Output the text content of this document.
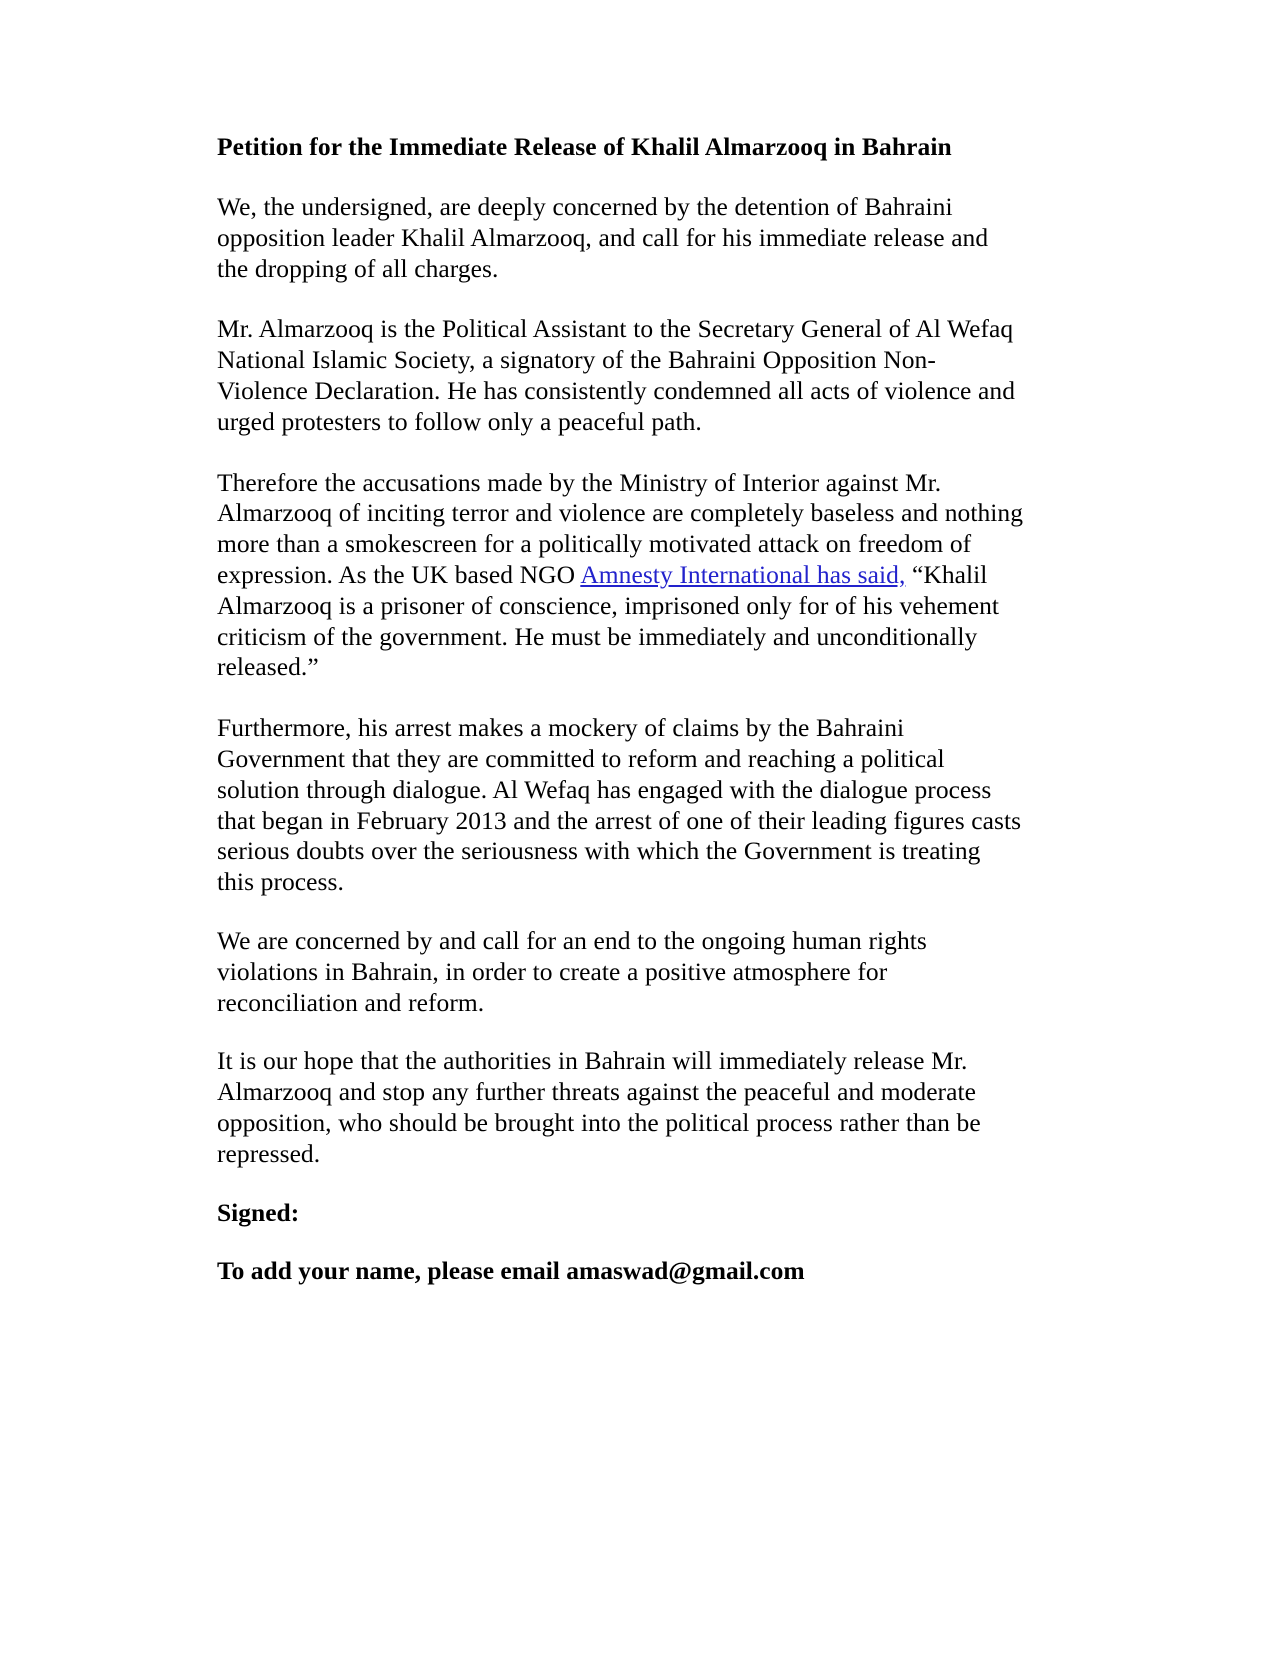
Petition for the Immediate Release of Khalil Almarzooq in Bahrain

We, the undersigned, are deeply concerned by the detention of Bahraini opposition leader Khalil Almarzooq, and call for his immediate release and the dropping of all charges.

Mr. Almarzooq is the Political Assistant to the Secretary General of Al Wefaq National Islamic Society, a signatory of the Bahraini Opposition Non-Violence Declaration. He has consistently condemned all acts of violence and urged protesters to follow only a peaceful path.

Therefore the accusations made by the Ministry of Interior against Mr. Almarzooq of inciting terror and violence are completely baseless and nothing more than a smokescreen for a politically motivated attack on freedom of expression. As the UK based NGO Amnesty International has said, “Khalil Almarzooq is a prisoner of conscience, imprisoned only for of his vehement criticism of the government. He must be immediately and unconditionally released.”

Furthermore, his arrest makes a mockery of claims by the Bahraini Government that they are committed to reform and reaching a political solution through dialogue. Al Wefaq has engaged with the dialogue process that began in February 2013 and the arrest of one of their leading figures casts serious doubts over the seriousness with which the Government is treating this process.

We are concerned by and call for an end to the ongoing human rights violations in Bahrain, in order to create a positive atmosphere for reconciliation and reform.

It is our hope that the authorities in Bahrain will immediately release Mr. Almarzooq and stop any further threats against the peaceful and moderate opposition, who should be brought into the political process rather than be repressed.

Signed:

To add your name, please email amaswad@gmail.com
